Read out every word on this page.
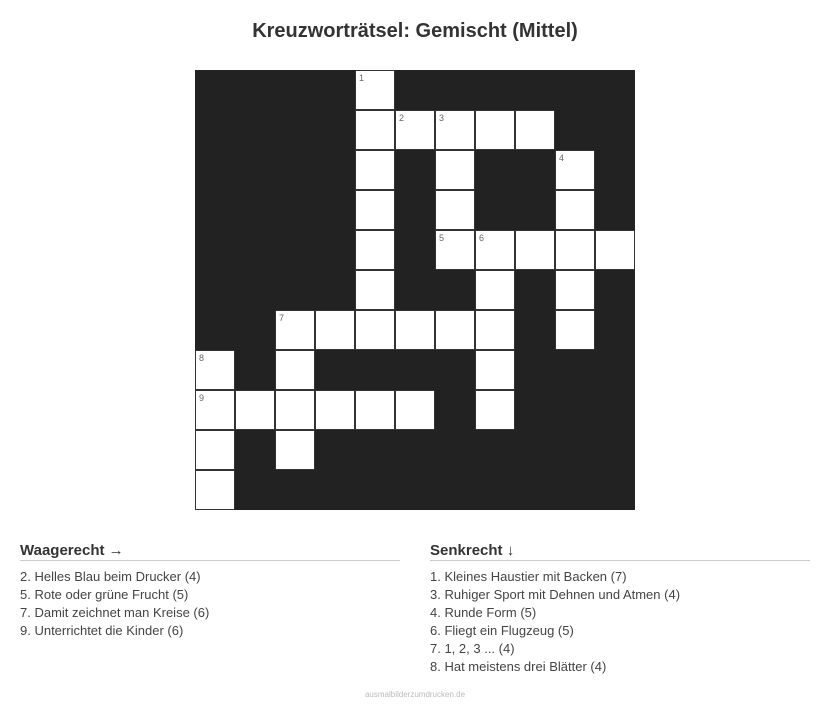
Kreuzworträtsel: Gemischt (Mittel)
1
2	3
4
5	6
7
8
9
Waagerecht →
2. Helles Blau beim Drucker (4)
5. Rote oder grüne Frucht (5)
7. Damit zeichnet man Kreise (6)
9. Unterrichtet die Kinder (6)
Senkrecht ↓
1. Kleines Haustier mit Backen (7)
3. Ruhiger Sport mit Dehnen und Atmen (4)
4. Runde Form (5)
6. Fliegt ein Flugzeug (5)
7. 1, 2, 3 ... (4)
8. Hat meistens drei Blätter (4)
ausmalbilderzumdrucken.de
